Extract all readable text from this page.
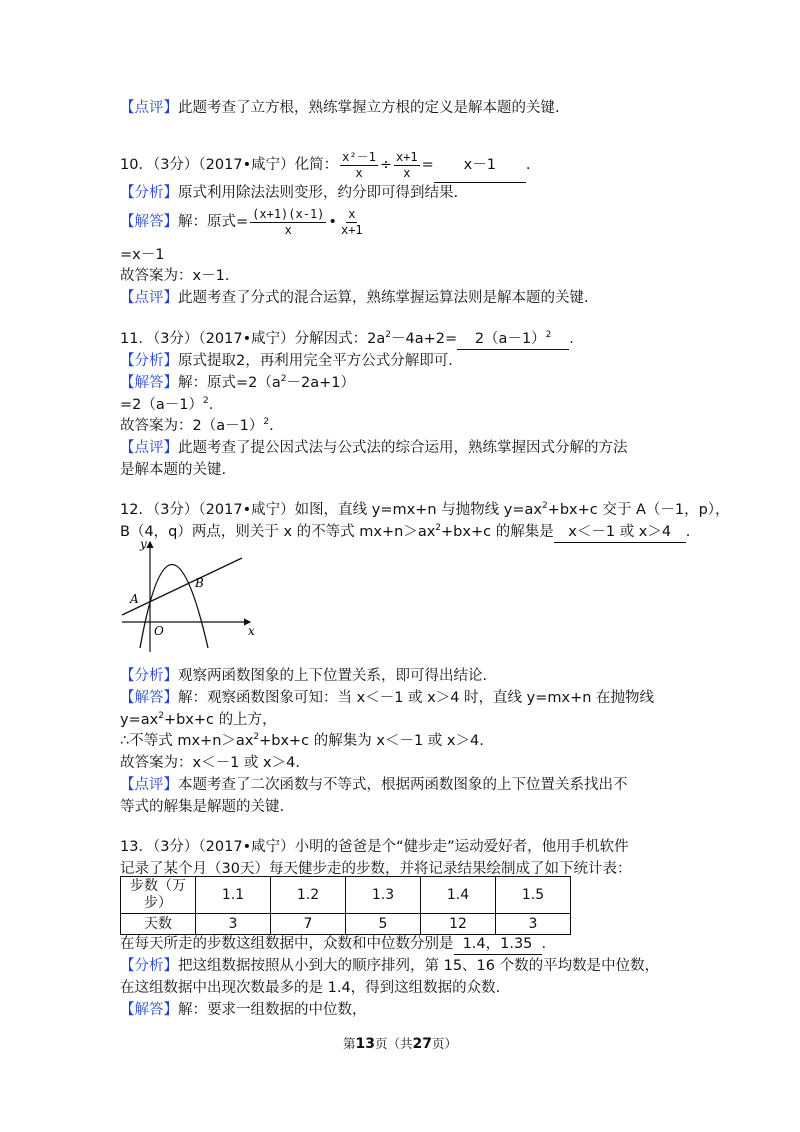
【点评】此题考查了立方根，熟练掌握立方根的定义是解本题的关键.
10．（3分）（2017•咸宁）化简： $\frac{\text{x²－1}}{x} \div \frac{x+1}{x} = x-1$ .
【分析】原式利用除法法则变形，约分即可得到结果.
【解答】解：原式= $\frac{(x+1)(x-1)}{x}$ • $\frac{x}{x+1}$
=x－1
故答案为：x－1.
【点评】此题考查了分式的混合运算，熟练掌握运算法则是解本题的关键.
11．（3分）（2017•咸宁）分解因式：$2a^2-4a+2= 2(a-1)^2$ .
【分析】原式提取2，再利用完全平方公式分解即可.
【解答】解：原式$=2(a^2-2a+1)$
$=2(a-1)^2$.
故答案为：$2(a-1)^2$.
【点评】此题考查了提公因式法与公式法的综合运用，熟练掌握因式分解的方法
是解本题的关键.
12．（3分）（2017•咸宁）如图，直线 y=mx+n 与抛物线 $y=ax^2+bx+c$ 交于 A（－1，p），
B（4，q）两点，则关于 x 的不等式 $mx+n>ax^2+bx+c$ 的解集是 x＜－1 或 x＞4 .
y
x
O
A
B
【分析】观察两函数图象的上下位置关系，即可得出结论.
【解答】解：观察函数图象可知：当 x＜－1 或 x＞4 时，直线 y=mx+n 在抛物线
$y=ax^2+bx+c$ 的上方，
∴不等式 $mx+n>ax^2+bx+c$ 的解集为 x＜－1 或 x＞4.
故答案为：x＜－1 或 x＞4.
【点评】本题考查了二次函数与不等式，根据两函数图象的上下位置关系找出不
等式的解集是解题的关键.
13．（3分）（2017•咸宁）小明的爸爸是个“健步走”运动爱好者，他用手机软件
记录了某个月（30天）每天健步走的步数，并将记录结果绘制成了如下统计表：
步数（万步）	1.1	1.2	1.3	1.4	1.5
天数	3	7	5	12	3
在每天所走的步数这组数据中，众数和中位数分别是 1.4，1.35 .
【分析】把这组数据按照从小到大的顺序排列，第 15、16 个数的平均数是中位数，
在这组数据中出现次数最多的是 1.4，得到这组数据的众数.
【解答】解：要求一组数据的中位数，
第13页（共27页）
